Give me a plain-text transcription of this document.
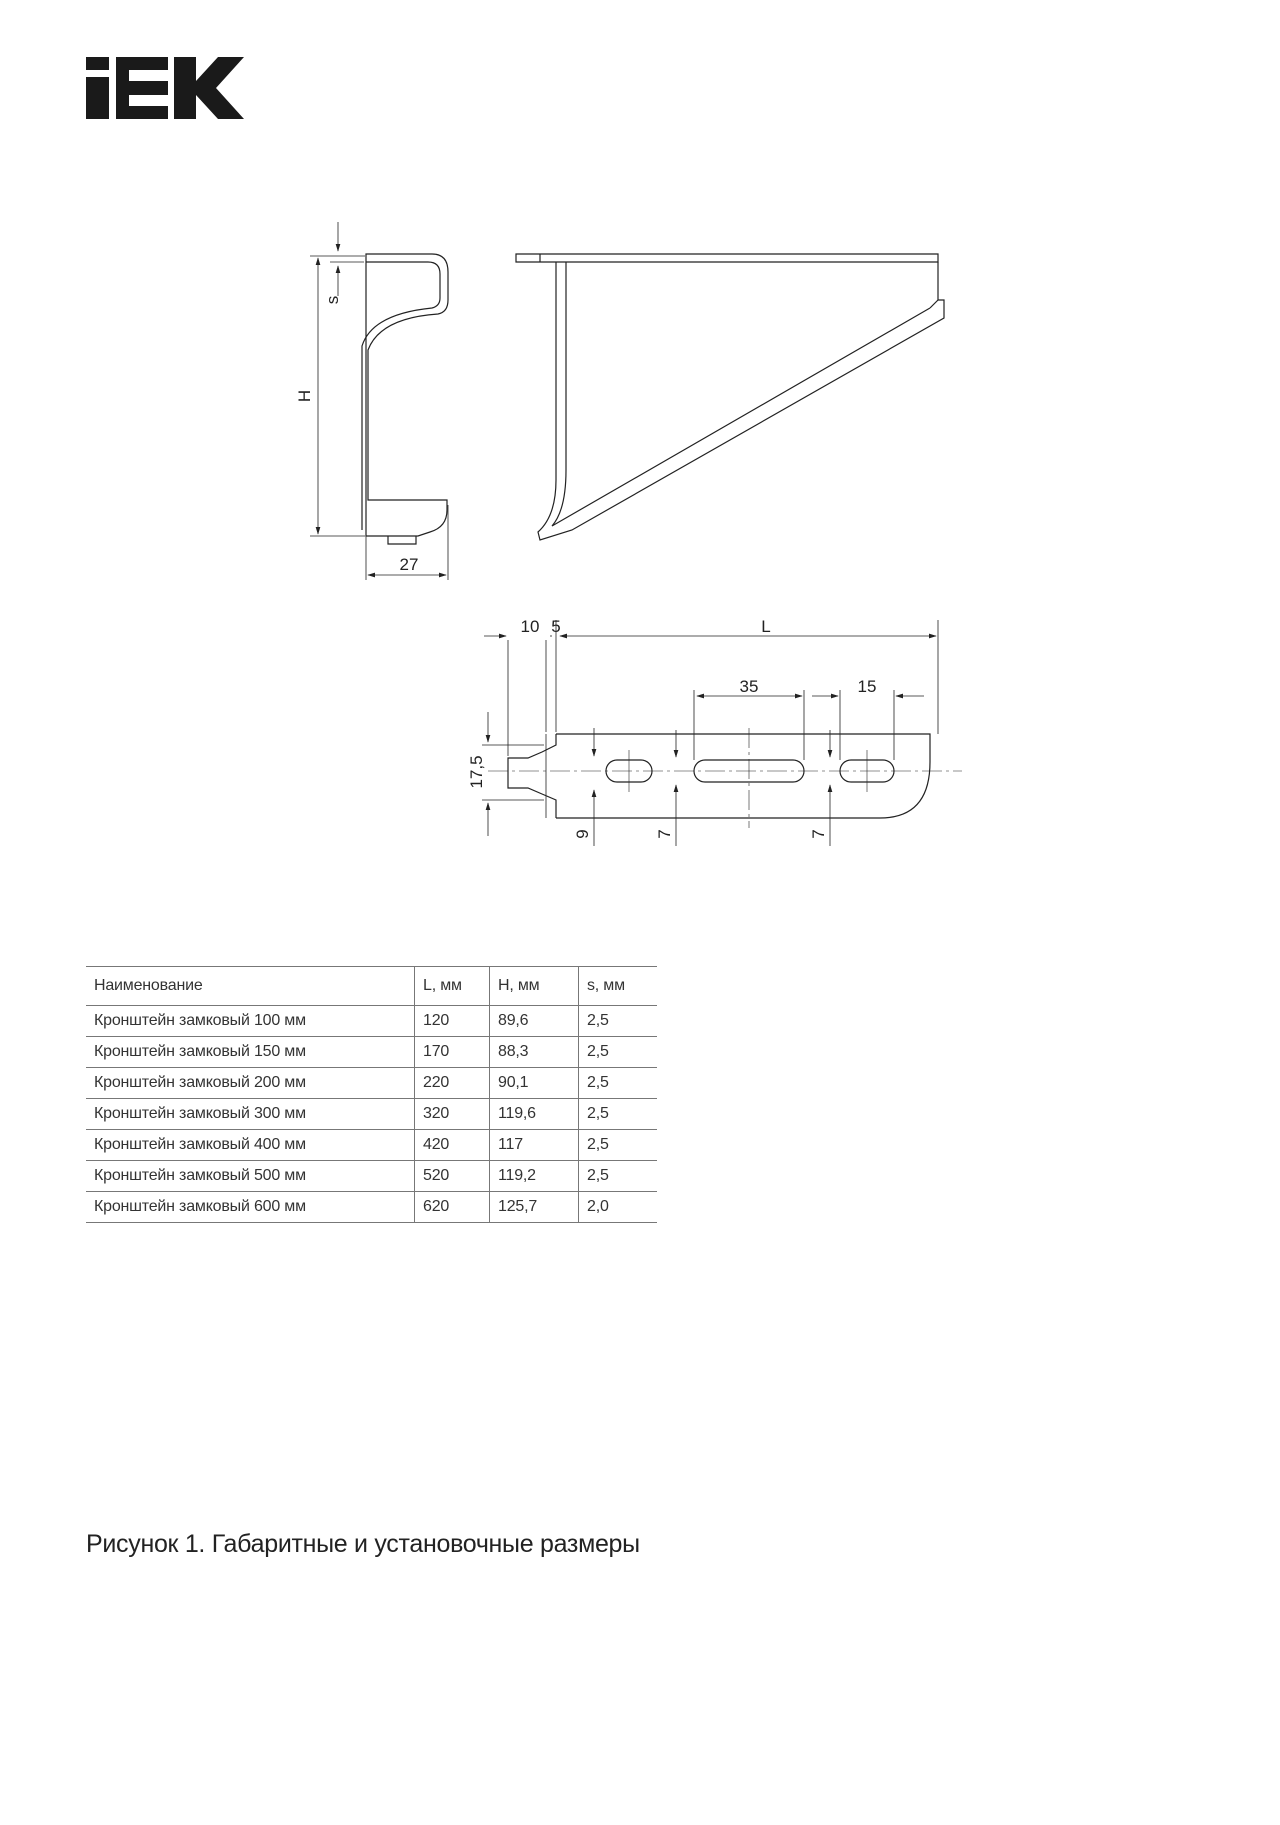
s
H
27
10 5	L
35	15
17,5
9	7	7
Наименование	L, мм	H, мм	s, мм
Кронштейн замковый 100 мм	120	89,6	2,5
Кронштейн замковый 150 мм	170	88,3	2,5
Кронштейн замковый 200 мм	220	90,1	2,5
Кронштейн замковый 300 мм	320	119,6	2,5
Кронштейн замковый 400 мм	420	117	2,5
Кронштейн замковый 500 мм	520	119,2	2,5
Кронштейн замковый 600 мм	620	125,7	2,0
Рисунок 1. Габаритные и установочные размеры
